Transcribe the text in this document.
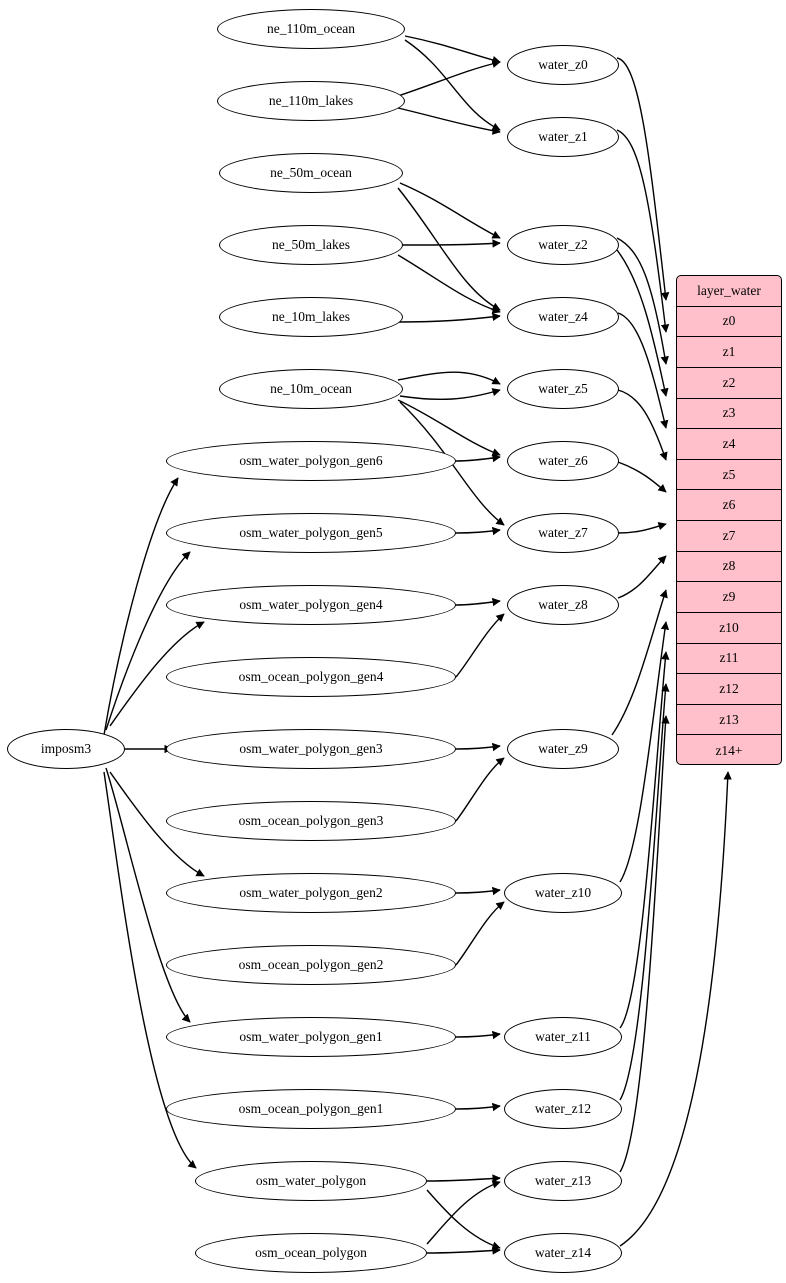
ne_110m_ocean
ne_110m_lakes
ne_50m_ocean
ne_50m_lakes
ne_10m_lakes
ne_10m_ocean
osm_water_polygon_gen6
osm_water_polygon_gen5
osm_water_polygon_gen4
osm_ocean_polygon_gen4
osm_water_polygon_gen3
osm_ocean_polygon_gen3
osm_water_polygon_gen2
osm_ocean_polygon_gen2
osm_water_polygon_gen1
osm_ocean_polygon_gen1
osm_water_polygon
osm_ocean_polygon
imposm3
water_z0
water_z1
water_z2
water_z4
water_z5
water_z6
water_z7
water_z8
water_z9
water_z10
water_z11
water_z12
water_z13
water_z14
layer_water
z0
z1
z2
z3
z4
z5
z6
z7
z8
z9
z10
z11
z12
z13
z14+
